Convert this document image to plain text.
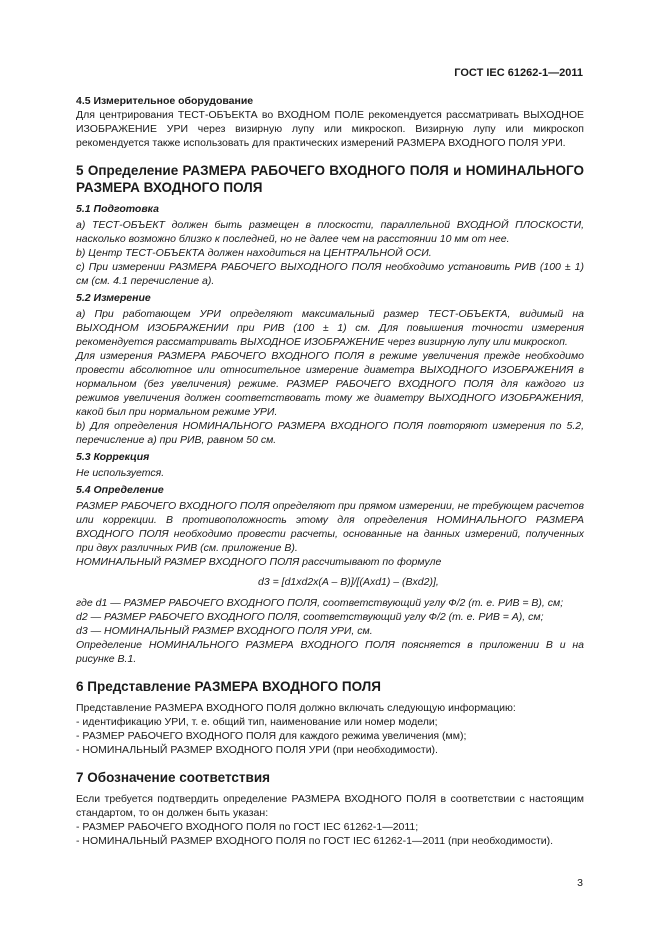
ГОСТ IEC 61262-1—2011

4.5 Измерительное оборудование

Для центрирования ТЕСТ-ОБЪЕКТА во ВХОДНОМ ПОЛЕ рекомендуется рассматривать ВЫХОДНОЕ ИЗОБРАЖЕНИЕ УРИ через визирную лупу или микроскоп. Визирную лупу или микроскоп рекомендуется также использовать для практических измерений РАЗМЕРА ВХОДНОГО ПОЛЯ УРИ.

5 Определение РАЗМЕРА РАБОЧЕГО ВХОДНОГО ПОЛЯ и НОМИНАЛЬНОГО РАЗМЕРА ВХОДНОГО ПОЛЯ

5.1 Подготовка

а) ТЕСТ-ОБЪЕКТ должен быть размещен в плоскости, параллельной ВХОДНОЙ ПЛОСКОСТИ, насколько возможно близко к последней, но не далее чем на расстоянии 10 мм от нее.

b) Центр ТЕСТ-ОБЪЕКТА должен находиться на ЦЕНТРАЛЬНОЙ ОСИ.

с) При измерении РАЗМЕРА РАБОЧЕГО ВЫХОДНОГО ПОЛЯ необходимо установить РИВ (100 ± 1) см (см. 4.1 перечисление а).

5.2 Измерение

а) При работающем УРИ определяют максимальный размер ТЕСТ-ОБЪЕКТА, видимый на ВЫХОДНОМ ИЗОБРАЖЕНИИ при РИВ (100 ± 1) см. Для повышения точности измерения рекомендуется рассматривать ВЫХОДНОЕ ИЗОБРАЖЕНИЕ через визирную лупу или микроскоп.

Для измерения РАЗМЕРА РАБОЧЕГО ВХОДНОГО ПОЛЯ в режиме увеличения прежде необходимо провести абсолютное или относительное измерение диаметра ВЫХОДНОГО ИЗОБРАЖЕНИЯ в нормальном (без увеличения) режиме. РАЗМЕР РАБОЧЕГО ВХОДНОГО ПОЛЯ для каждого из режимов увеличения должен соответствовать тому же диаметру ВЫХОДНОГО ИЗОБРАЖЕНИЯ, какой был при нормальном режиме УРИ.

b) Для определения НОМИНАЛЬНОГО РАЗМЕРА ВХОДНОГО ПОЛЯ повторяют измерения по 5.2, перечисление а) при РИВ, равном 50 см.

5.3 Коррекция

Не используется.

5.4 Определение

РАЗМЕР РАБОЧЕГО ВХОДНОГО ПОЛЯ определяют при прямом измерении, не требующем расчетов или коррекции. В противоположность этому для определения НОМИНАЛЬНОГО РАЗМЕРА ВХОДНОГО ПОЛЯ необходимо провести расчеты, основанные на данных измерений, полученных при двух различных РИВ (см. приложение В).

НОМИНАЛЬНЫЙ РАЗМЕР ВХОДНОГО ПОЛЯ рассчитывают по формуле

d3 = [d1xd2x(A – B)]/[(Axd1) – (Bxd2)],

где d1 — РАЗМЕР РАБОЧЕГО ВХОДНОГО ПОЛЯ, соответствующий углу Ф/2 (т. е. РИВ = В), см;

d2 — РАЗМЕР РАБОЧЕГО ВХОДНОГО ПОЛЯ, соответствующий углу Ф/2 (т. е. РИВ = А), см;

d3 — НОМИНАЛЬНЫЙ РАЗМЕР ВХОДНОГО ПОЛЯ УРИ, см.

Определение НОМИНАЛЬНОГО РАЗМЕРА ВХОДНОГО ПОЛЯ поясняется в приложении В и на рисунке В.1.

6 Представление РАЗМЕРА ВХОДНОГО ПОЛЯ

Представление РАЗМЕРА ВХОДНОГО ПОЛЯ должно включать следующую информацию:

- идентификацию УРИ, т. е. общий тип, наименование или номер модели;

- РАЗМЕР РАБОЧЕГО ВХОДНОГО ПОЛЯ для каждого режима увеличения (мм);

- НОМИНАЛЬНЫЙ РАЗМЕР ВХОДНОГО ПОЛЯ УРИ (при необходимости).

7 Обозначение соответствия

Если требуется подтвердить определение РАЗМЕРА ВХОДНОГО ПОЛЯ в соответствии с настоящим стандартом, то он должен быть указан:

- РАЗМЕР РАБОЧЕГО ВХОДНОГО ПОЛЯ по ГОСТ IEC 61262-1—2011;

- НОМИНАЛЬНЫЙ РАЗМЕР ВХОДНОГО ПОЛЯ по ГОСТ IEC 61262-1—2011 (при необходимости).

3
